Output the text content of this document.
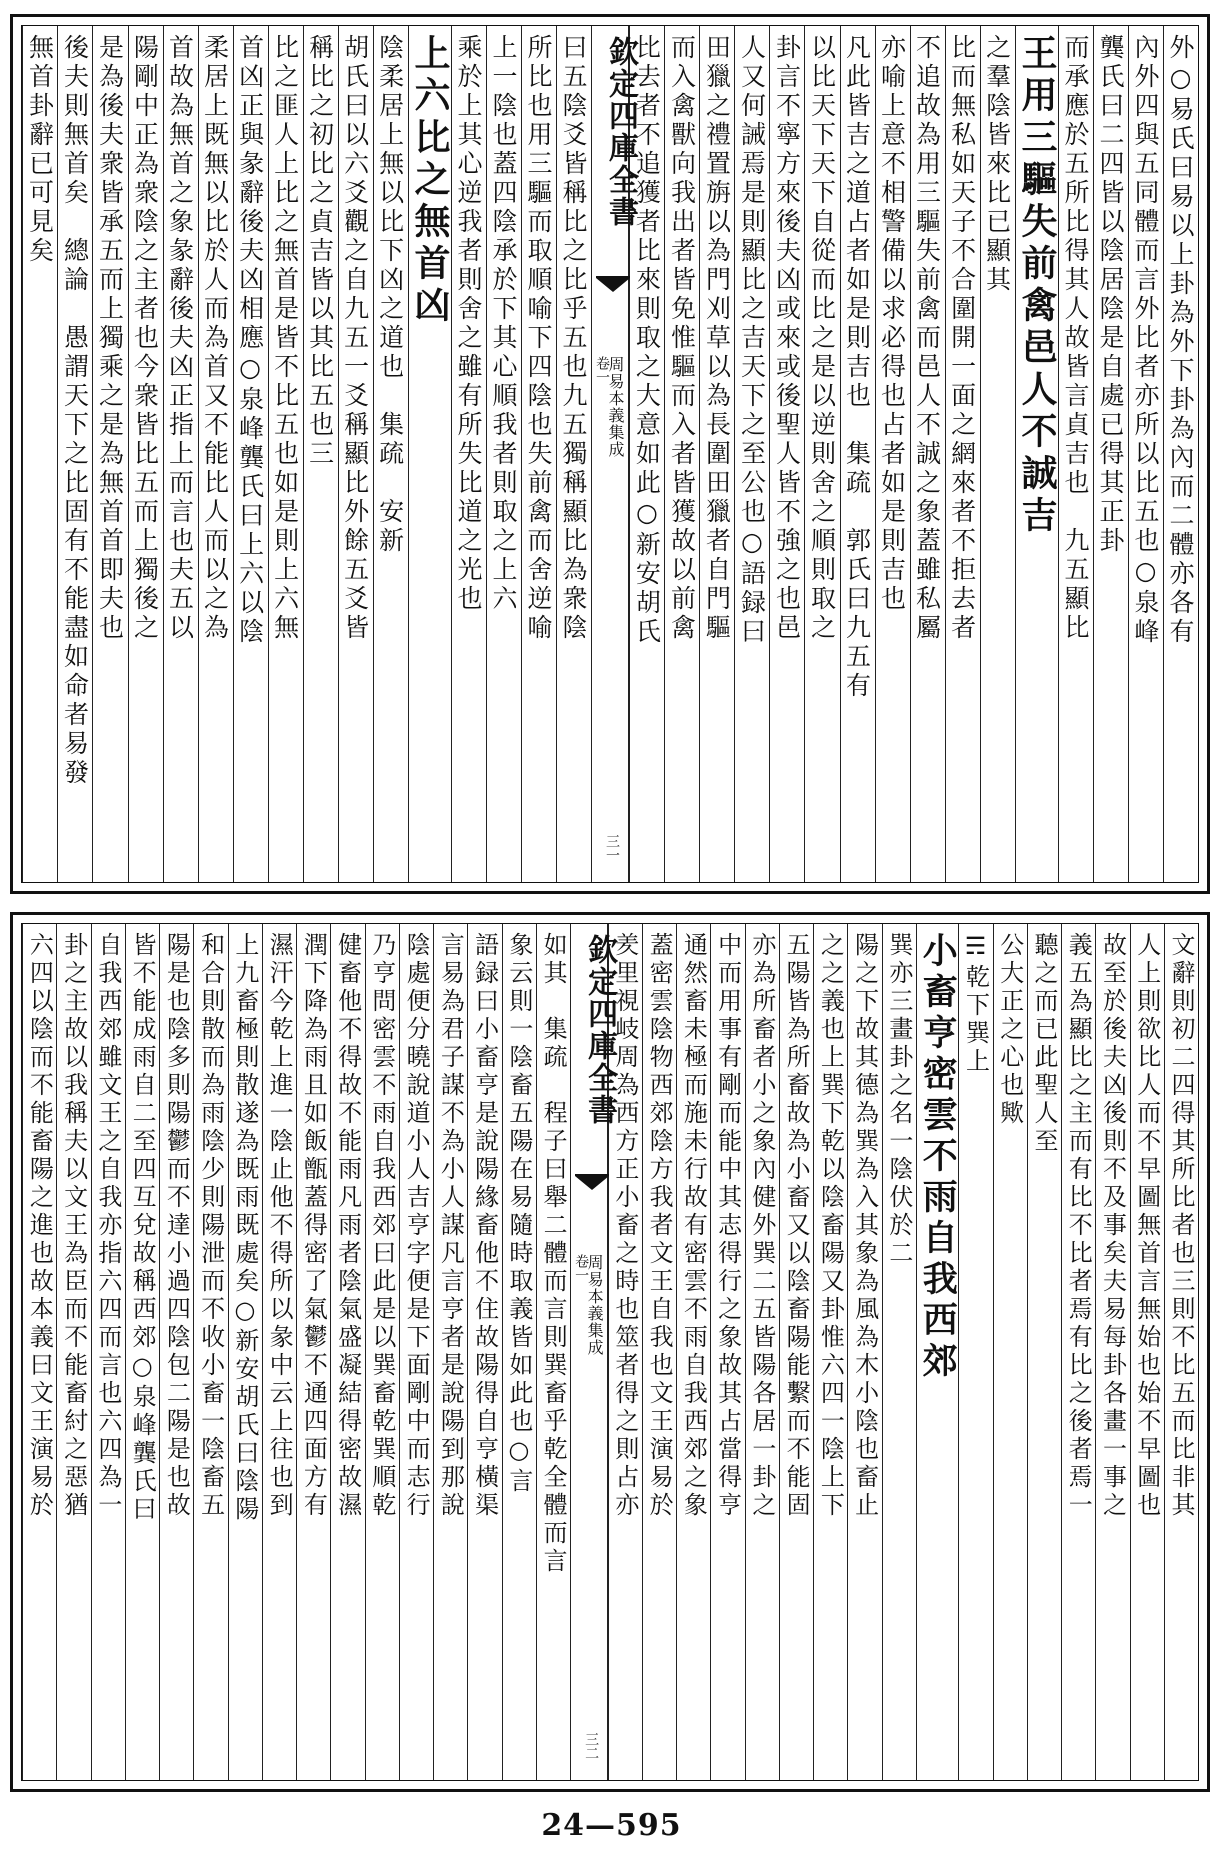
外○易氏曰易以上卦為外下卦為內而二體亦各有
內外四與五同體而言外比者亦所以比五也○泉峰
龔氏曰二四皆以陰居陰是自處已得其正卦
而承應於五所比得其人故皆言貞吉也　九五顯比
王用三驅失前禽邑人不誠吉
之羣陰皆來比已顯其
比而無私如天子不合圍開一面之網來者不拒去者
不追故為用三驅失前禽而邑人不誠之象蓋雖私屬
亦喻上意不相警備以求必得也占者如是則吉也
凡此皆吉之道占者如是則吉也　集疏　郭氏曰九五有
以比天下天下自從而比之是以逆則舍之順則取之
卦言不寧方來後夫凶或來或後聖人皆不強之也邑
人又何誡焉是則顯比之吉天下之至公也○語録曰
田獵之禮置旃以為門刈草以為長圍田獵者自門驅
而入禽獸向我出者皆免惟驅而入者皆獲故以前禽
比去者不追獲者比來則取之大意如此○新安胡氏
欽定四庫全書
周易本義集成
卷一
三一
曰五陰爻皆稱比之比乎五也九五獨稱顯比為衆陰
所比也用三驅而取順喻下四陰也失前禽而舍逆喻
上一陰也蓋四陰承於下其心順我者則取之上六
乘於上其心逆我者則舍之雖有所失比道之光也
上六比之無首凶
陰柔居上無以比下凶之道也　集疏　安新
胡氏曰以六爻觀之自九五一爻稱顯比外餘五爻皆
稱比之初比之貞吉皆以其比五也三
比之匪人上比之無首是皆不比五也如是則上六無
首凶正與彖辭後夫凶相應○泉峰龔氏曰上六以陰
柔居上既無以比於人而為首又不能比人而以之為
首故為無首之象彖辭後夫凶正指上而言也夫五以
陽剛中正為衆陰之主者也今衆皆比五而上獨後之
是為後夫衆皆承五而上獨乘之是為無首首即夫也
後夫則無首矣　總論　愚謂天下之比固有不能盡如命者易發
無首卦辭已可見矣
文辭則初二四得其所比者也三則不比五而比非其
人上則欲比人而不早圖無首言無始也始不早圖也
故至於後夫凶後則不及事矣夫易每卦各畫一事之
義五為顯比之主而有比不比者焉有比之後者焉一
聽之而已此聖人至
公大正之心也歟
☴乾下巽上
小畜亨密雲不雨自我西郊
巽亦三畫卦之名一陰伏於二
陽之下故其德為巽為入其象為風為木小陰也畜止
之之義也上巽下乾以陰畜陽又卦惟六四一陰上下
五陽皆為所畜故為小畜又以陰畜陽能繫而不能固
亦為所畜者小之象內健外巽二五皆陽各居一卦之
中而用事有剛而能中其志得行之象故其占當得亨
通然畜未極而施未行故有密雲不雨自我西郊之象
蓋密雲陰物西郊陰方我者文王自我也文王演易於
羑里視岐周為西方正小畜之時也筮者得之則占亦
欽定四庫全書
周易本義集成
卷一
三二
如其　集疏　程子曰舉二體而言則巽畜乎乾全體而言
象云則一陰畜五陽在易隨時取義皆如此也○言
語録曰小畜亨是說陽緣畜他不住故陽得自亨橫渠
言易為君子謀不為小人謀凡言亨者是說陽到那說
陰處便分曉說道小人吉亨字便是下面剛中而志行
乃亨問密雲不雨自我西郊曰此是以巽畜乾巽順乾
健畜他不得故不能雨凡雨者陰氣盛凝結得密故濕
潤下降為雨且如飯甑蓋得密了氣鬱不通四面方有
濕汗今乾上進一陰止他不得所以彖中云上往也到
上九畜極則散遂為既雨既處矣○新安胡氏曰陰陽
和合則散而為雨陰少則陽泄而不收小畜一陰畜五
陽是也陰多則陽鬱而不達小過四陰包二陽是也故
皆不能成雨自二至四互兌故稱西郊○泉峰龔氏曰
自我西郊雖文王之自我亦指六四而言也六四為一
卦之主故以我稱夫以文王為臣而不能畜紂之惡猶
六四以陰而不能畜陽之進也故本義曰文王演易於
24—595
